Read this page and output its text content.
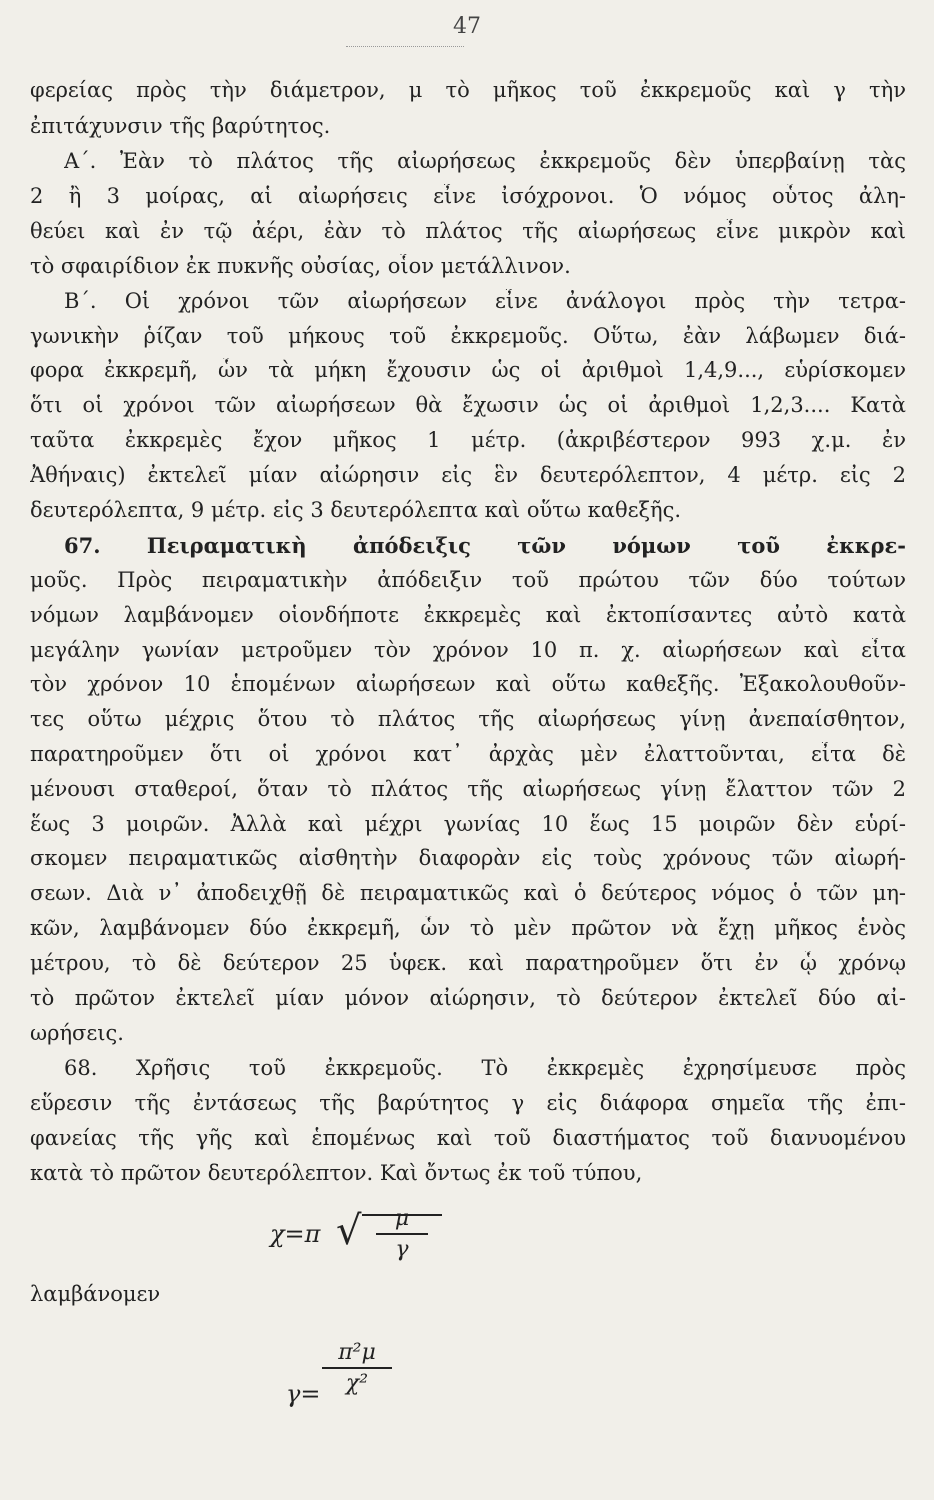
47
φερείας πρὸς τὴν διάμετρον, μ τὸ μῆκος τοῦ ἐκκρεμοῦς καὶ γ τὴν
ἐπιτάχυνσιν τῆς βαρύτητος.
Α΄. Ἐὰν τὸ πλάτος τῆς αἰωρήσεως ἐκκρεμοῦς δὲν ὑπερβαίνῃ τὰς
2 ἢ 3 μοίρας, αἱ αἰωρήσεις εἶνε ἰσόχρονοι. Ὁ νόμος οὗτος ἀλη-
θεύει καὶ ἐν τῷ ἀέρι, ἐὰν τὸ πλάτος τῆς αἰωρήσεως εἶνε μικρὸν καὶ
τὸ σφαιρίδιον ἐκ πυκνῆς οὐσίας, οἷον μετάλλινον.
Β΄. Οἱ χρόνοι τῶν αἰωρήσεων εἶνε ἀνάλογοι πρὸς τὴν τετρα-
γωνικὴν ῥίζαν τοῦ μήκους τοῦ ἐκκρεμοῦς. Οὕτω, ἐὰν λάβωμεν διά-
φορα ἐκκρεμῆ, ὧν τὰ μήκη ἔχουσιν ὡς οἱ ἀριθμοὶ 1,4,9..., εὑρίσκομεν
ὅτι οἱ χρόνοι τῶν αἰωρήσεων θὰ ἔχωσιν ὡς οἱ ἀριθμοὶ 1,2,3.... Κατὰ
ταῦτα ἐκκρεμὲς ἔχον μῆκος 1 μέτρ. (ἀκριβέστερον 993 χ.μ. ἐν
Ἀθήναις) ἐκτελεῖ μίαν αἰώρησιν εἰς ἓν δευτερόλεπτον, 4 μέτρ. εἰς 2
δευτερόλεπτα, 9 μέτρ. εἰς 3 δευτερόλεπτα καὶ οὕτω καθεξῆς.
67. Πειραματικὴ ἀπόδειξις τῶν νόμων τοῦ ἐκκρε-
μοῦς. Πρὸς πειραματικὴν ἀπόδειξιν τοῦ πρώτου τῶν δύο τούτων
νόμων λαμβάνομεν οἱονδήποτε ἐκκρεμὲς καὶ ἐκτοπίσαντες αὐτὸ κατὰ
μεγάλην γωνίαν μετροῦμεν τὸν χρόνον 10 π. χ. αἰωρήσεων καὶ εἶτα
τὸν χρόνον 10 ἑπομένων αἰωρήσεων καὶ οὕτω καθεξῆς. Ἐξακολουθοῦν-
τες οὕτω μέχρις ὅτου τὸ πλάτος τῆς αἰωρήσεως γίνῃ ἀνεπαίσθητον,
παρατηροῦμεν ὅτι οἱ χρόνοι κατ᾿ ἀρχὰς μὲν ἐλαττοῦνται, εἶτα δὲ
μένουσι σταθεροί, ὅταν τὸ πλάτος τῆς αἰωρήσεως γίνῃ ἔλαττον τῶν 2
ἕως 3 μοιρῶν. Ἀλλὰ καὶ μέχρι γωνίας 10 ἕως 15 μοιρῶν δὲν εὑρί-
σκομεν πειραματικῶς αἰσθητὴν διαφορὰν εἰς τοὺς χρόνους τῶν αἰωρή-
σεων. Διὰ ν᾿ ἀποδειχθῇ δὲ πειραματικῶς καὶ ὁ δεύτερος νόμος ὁ τῶν μη-
κῶν, λαμβάνομεν δύο ἐκκρεμῆ, ὧν τὸ μὲν πρῶτον νὰ ἔχῃ μῆκος ἑνὸς
μέτρου, τὸ δὲ δεύτερον 25 ὑφεκ. καὶ παρατηροῦμεν ὅτι ἐν ᾧ χρόνῳ
τὸ πρῶτον ἐκτελεῖ μίαν μόνον αἰώρησιν, τὸ δεύτερον ἐκτελεῖ δύο αἰ-
ωρήσεις.
68. Χρῆσις τοῦ ἐκκρεμοῦς. Τὸ ἐκκρεμὲς ἐχρησίμευσε πρὸς
εὕρεσιν τῆς ἐντάσεως τῆς βαρύτητος γ εἰς διάφορα σημεῖα τῆς ἐπι-
φανείας τῆς γῆς καὶ ἑπομένως καὶ τοῦ διαστήματος τοῦ διανυομένου
κατὰ τὸ πρῶτον δευτερόλεπτον. Καὶ ὄντως ἐκ τοῦ τύπου,
χ=π √ μ
γ
λαμβάνομεν
γ=
π²μ
χ²
